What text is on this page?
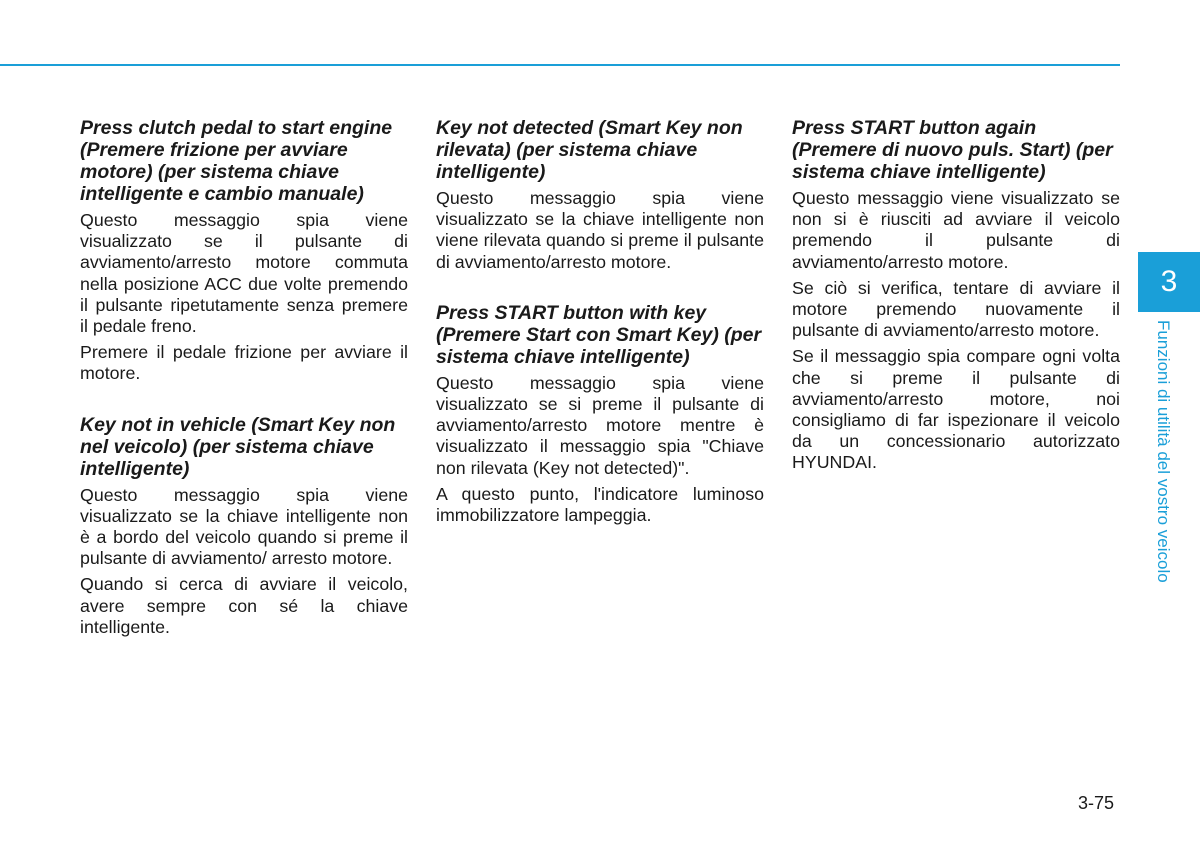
Press clutch pedal to start engine (Premere frizione per avviare motore) (per sistema chiave intelligente e cambio manuale)

Questo messaggio spia viene visualizzato se il pulsante di avviamento/arresto motore commuta nella posizione ACC due volte premendo il pulsante ripetutamente senza premere il pedale freno.

Premere il pedale frizione per avviare il motore.

Key not in vehicle (Smart Key non nel veicolo) (per sistema chiave intelligente)

Questo messaggio spia viene visualizzato se la chiave intelligente non è a bordo del veicolo quando si preme il pulsante di avviamento/ arresto motore.

Quando si cerca di avviare il veicolo, avere sempre con sé la chiave intelligente.

Key not detected (Smart Key non rilevata) (per sistema chiave intelligente)

Questo messaggio spia viene visualizzato se la chiave intelligente non viene rilevata quando si preme il pulsante di avviamento/arresto motore.

Press START button with key (Premere Start con Smart Key) (per sistema chiave intelligente)

Questo messaggio spia viene visualizzato se si preme il pulsante di avviamento/arresto motore mentre è visualizzato il messaggio spia "Chiave non rilevata (Key not detected)".

A questo punto, l'indicatore luminoso immobilizzatore lampeggia.

Press START button again (Premere di nuovo puls. Start) (per sistema chiave intelligente)

Questo messaggio viene visualizzato se non si è riusciti ad avviare il veicolo premendo il pulsante di avviamento/arresto motore.

Se ciò si verifica, tentare di avviare il motore premendo nuovamente il pulsante di avviamento/arresto motore.

Se il messaggio spia compare ogni volta che si preme il pulsante di avviamento/arresto motore, noi consigliamo di far ispezionare il veicolo da un concessionario autorizzato HYUNDAI.

3
Funzioni di utilità del vostro veicolo
3-75
